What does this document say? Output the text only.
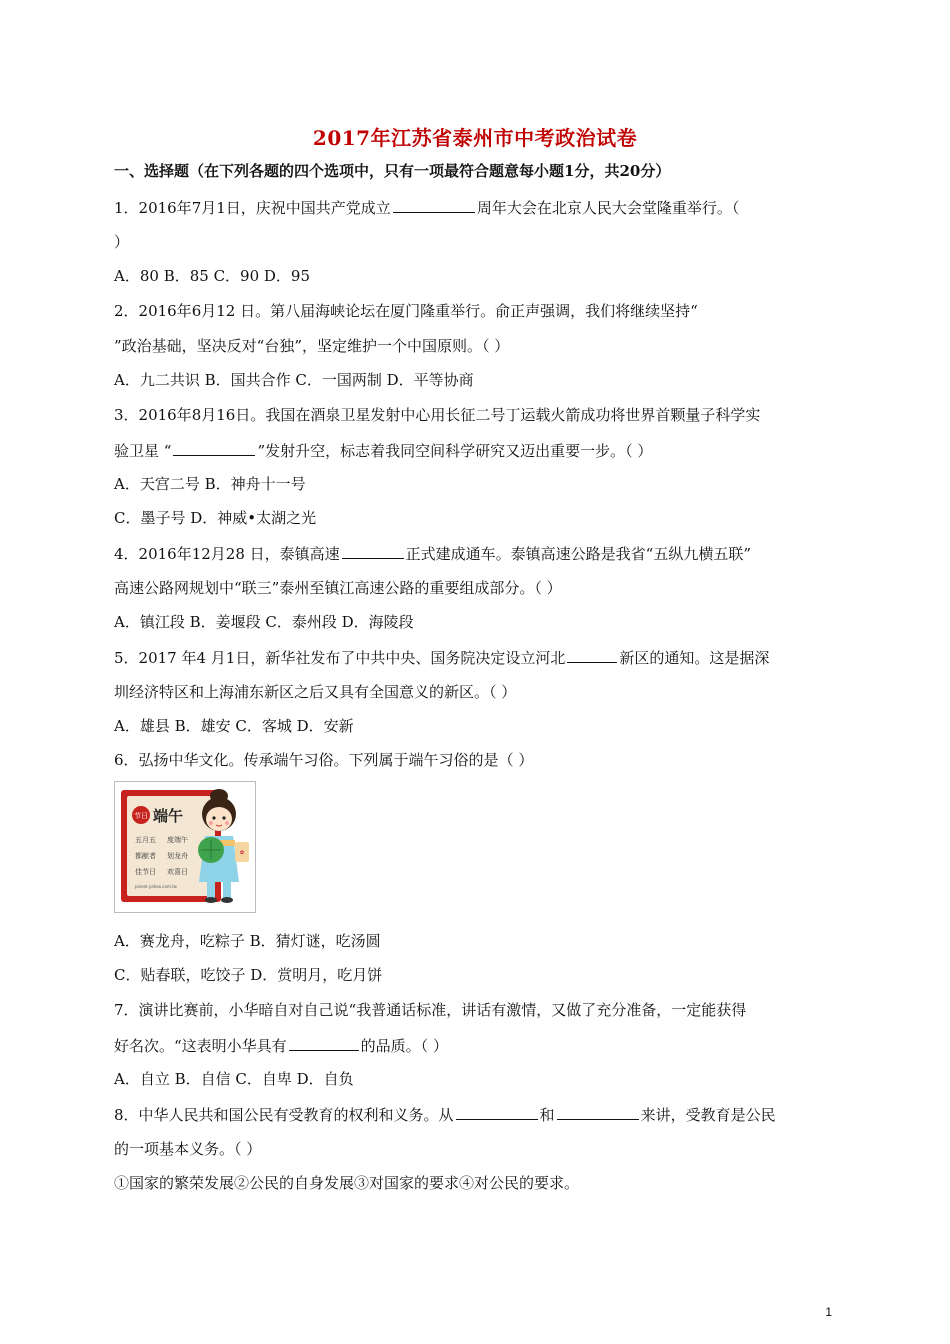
2017年江苏省泰州市中考政治试卷
一、选择题（在下列各题的四个选项中，只有一项最符合题意每小题1分，共20分）
1．2016年7月1日，庆祝中国共产党成立	周年大会在北京人民大会堂隆重举行。（
）
A．80 B．85 C．90 D．95
2．2016年6月12 日。第八届海峡论坛在厦门隆重举行。俞正声强调，我们将继续坚持“
”政治基础，坚决反对“台独”，坚定维护一个中国原则。（ ）
A．九二共识 B．国共合作 C．一国两制 D．平等协商
3．2016年8月16日。我国在酒泉卫星发射中心用长征二号丁运载火箭成功将世界首颗量子科学实
验卫星 “	”发射升空，标志着我同空间科学研究又迈出重要一步。（ ）
A．天宫二号 B．神舟十一号
C．墨子号 D．神威•太湖之光
4．2016年12月28 日，泰镇高速	正式建成通车。泰镇高速公路是我省“五纵九横五联”
高速公路网规划中“联三”泰州至镇江高速公路的重要组成部分。（ ）
A．镇江段 B．姜堰段 C．泰州段 D．海陵段
5．2017 年4 月1日，新华社发布了中共中央、国务院决定设立河北	新区的通知。这是据深
圳经济特区和上海浦东新区之后又具有全国意义的新区。（ ）
A．雄县 B．雄安 C．客城 D．安新
6．弘扬中华文化。传承端午习俗。下列属于端午习俗的是（ ）
节日 端午
五月五 度端午
都献者 划龙舟
佳节日 欢喜日
pixnet.yahoo.com.tw
✿
A．赛龙舟，吃粽子 B．猜灯谜，吃汤圆
C．贴春联，吃饺子 D．赏明月，吃月饼
7．演讲比赛前，小华暗自对自己说“我普通话标准，讲话有激情，又做了充分准备，一定能获得
好名次。“这表明小华具有	的品质。（ ）
A．自立 B．自信 C．自卑 D．自负
8．中华人民共和国公民有受教育的权利和义务。从	和	来讲，受教育是公民
的一项基本义务。（ ）
①国家的繁荣发展②公民的自身发展③对国家的要求④对公民的要求。
1
